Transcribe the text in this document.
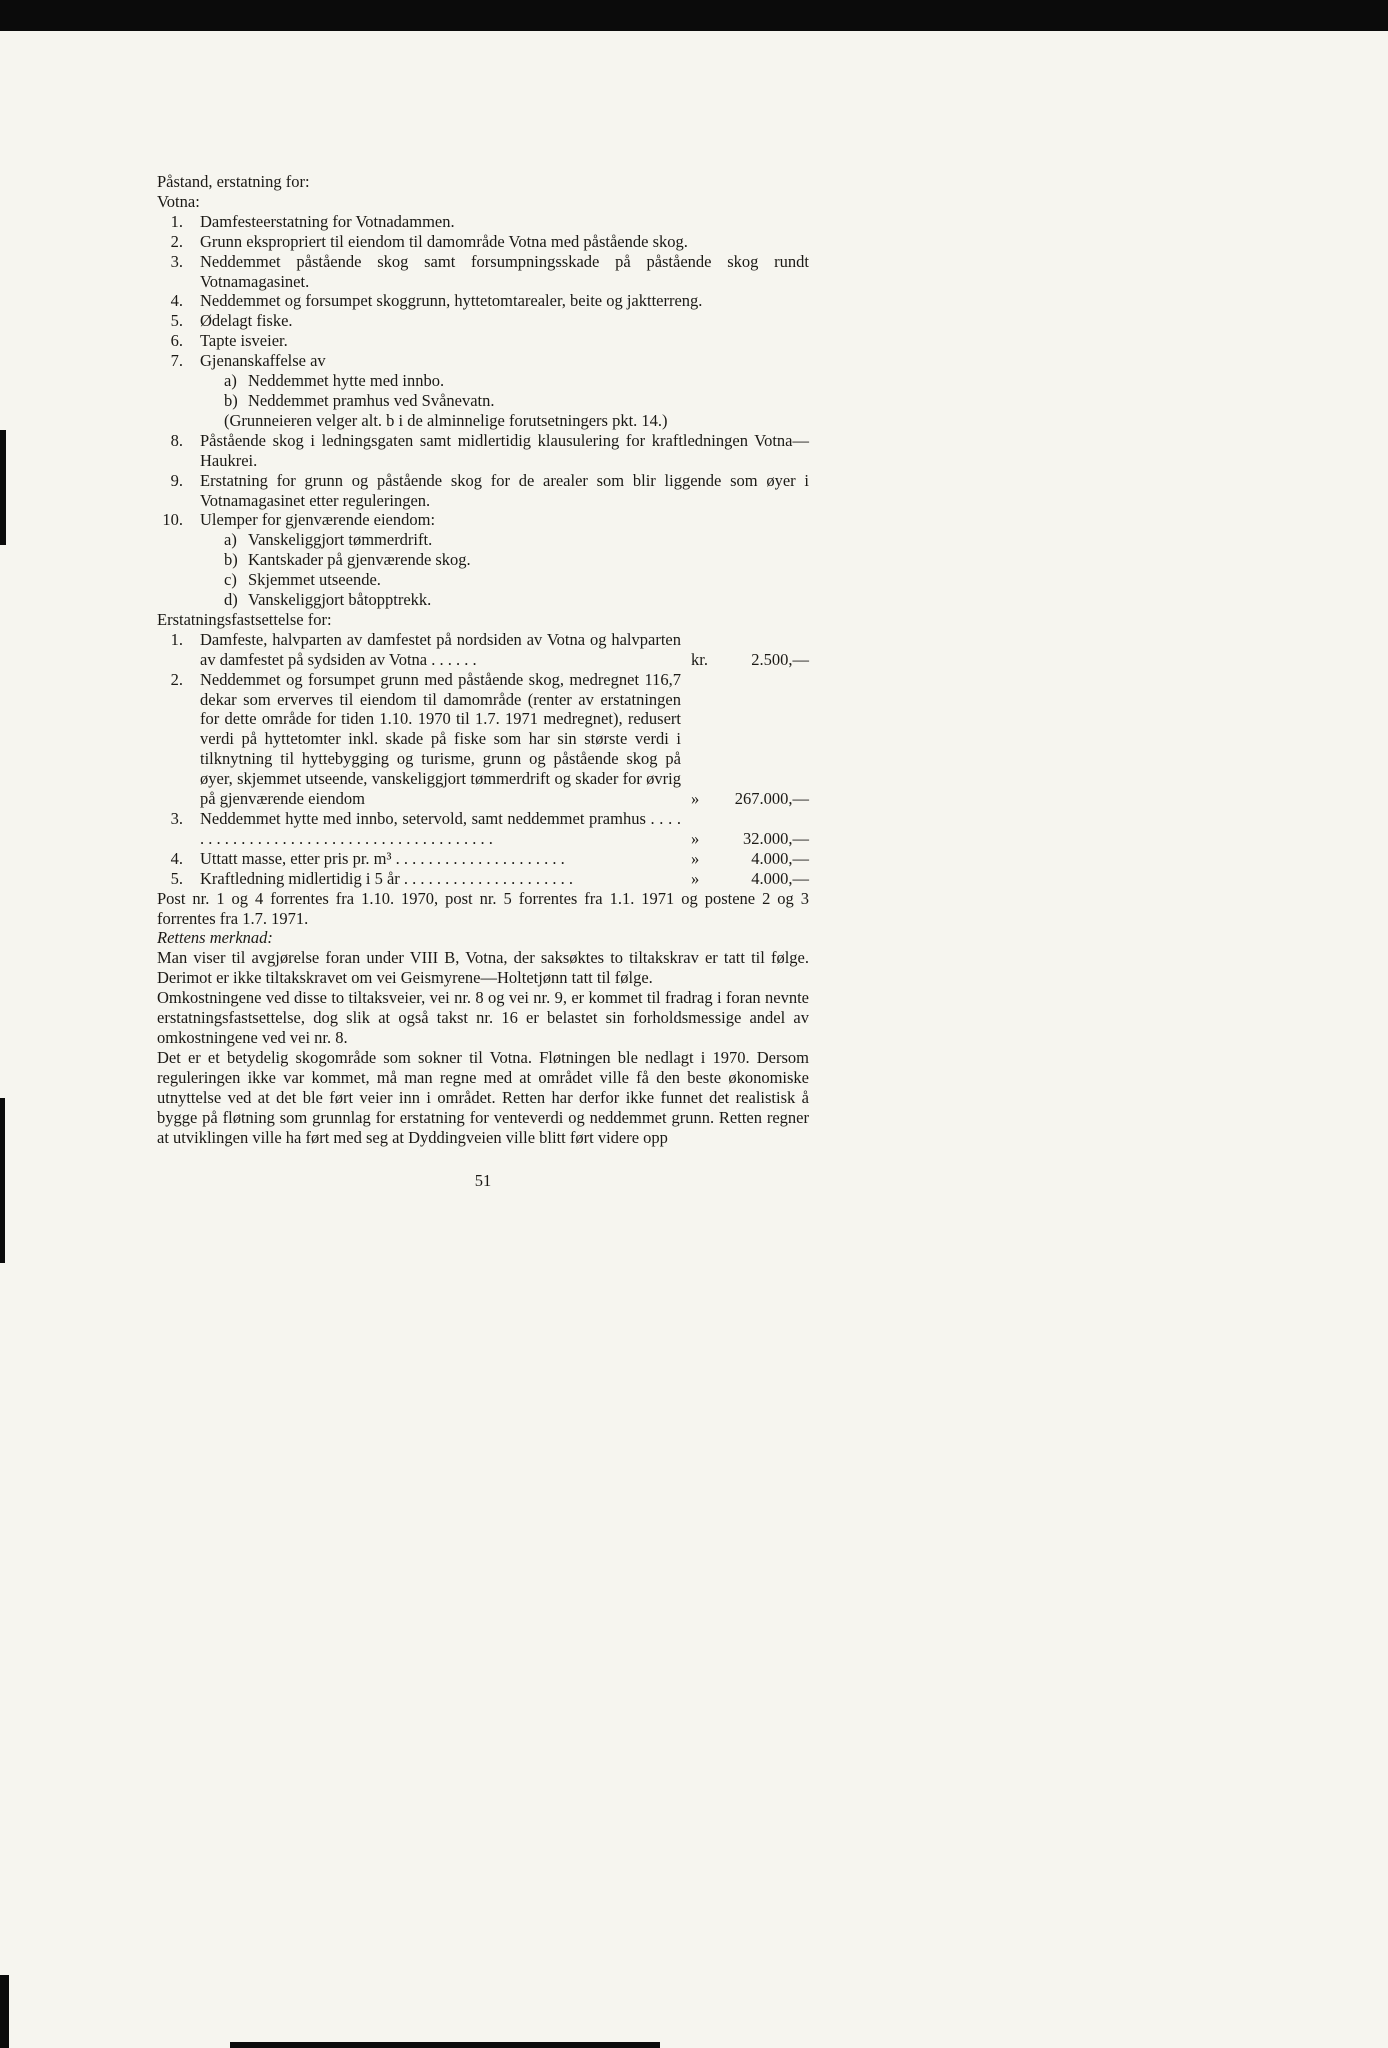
Påstand, erstatning for:
Votna:
1. Damfesteerstatning for Votnadammen.
2. Grunn ekspropriert til eiendom til damområde Votna med påstående skog.
3. Neddemmet påstående skog samt forsumpningsskade på påstående skog rundt Votnamagasinet.
4. Neddemmet og forsumpet skoggrunn, hyttetomtarealer, beite og jaktterreng.
5. Ødelagt fiske.
6. Tapte isveier.
7. Gjenanskaffelse av
a) Neddemmet hytte med innbo.
b) Neddemmet pramhus ved Svånevatn.
(Grunneieren velger alt. b i de alminnelige forutsetningers pkt. 14.)
8. Påstående skog i ledningsgaten samt midlertidig klausulering for kraftledningen Votna—Haukrei.
9. Erstatning for grunn og påstående skog for de arealer som blir liggende som øyer i Votnamagasinet etter reguleringen.
10. Ulemper for gjenværende eiendom:
a) Vanskeliggjort tømmerdrift.
b) Kantskader på gjenværende skog.
c) Skjemmet utseende.
d) Vanskeliggjort båtopptrekk.
Erstatningsfastsettelse for:
1. Damfeste, halvparten av damfestet på nordsiden av Votna og halvparten av damfestet på sydsiden av Votna . . . . . .	kr.	2.500,—
2. Neddemmet og forsumpet grunn med påstående skog, medregnet 116,7 dekar som erverves til eiendom til damområde (renter av erstatningen for dette område for tiden 1.10. 1970 til 1.7. 1971 medregnet), redusert verdi på hyttetomter inkl. skade på fiske som har sin største verdi i tilknytning til hyttebygging og turisme, grunn og påstående skog på øyer, skjemmet utseende, vanskeliggjort tømmerdrift og skader for øvrig på gjenværende eiendom	»	267.000,—
3. Neddemmet hytte med innbo, setervold, samt neddemmet pramhus . . . . . . . . . . . . . . . . . . . . . . . . . . . . . . . . . . . . . . . .	»	32.000,—
4. Uttatt masse, etter pris pr. m³ . . . . . . . . . . . . . . . . . . . . .	»	4.000,—
5. Kraftledning midlertidig i 5 år . . . . . . . . . . . . . . . . . . . . .	»	4.000,—
Post nr. 1 og 4 forrentes fra 1.10. 1970, post nr. 5 forrentes fra 1.1. 1971 og postene 2 og 3 forrentes fra 1.7. 1971.
Rettens merknad:
Man viser til avgjørelse foran under VIII B, Votna, der saksøktes to tiltakskrav er tatt til følge. Derimot er ikke tiltakskravet om vei Geismyrene—Holtetjønn tatt til følge.
Omkostningene ved disse to tiltaksveier, vei nr. 8 og vei nr. 9, er kommet til fradrag i foran nevnte erstatningsfastsettelse, dog slik at også takst nr. 16 er belastet sin forholdsmessige andel av omkostningene ved vei nr. 8.
Det er et betydelig skogområde som sokner til Votna. Fløtningen ble nedlagt i 1970. Dersom reguleringen ikke var kommet, må man regne med at området ville få den beste økonomiske utnyttelse ved at det ble ført veier inn i området. Retten har derfor ikke funnet det realistisk å bygge på fløtning som grunnlag for erstatning for venteverdi og neddemmet grunn. Retten regner at utviklingen ville ha ført med seg at Dyddingveien ville blitt ført videre opp
51
